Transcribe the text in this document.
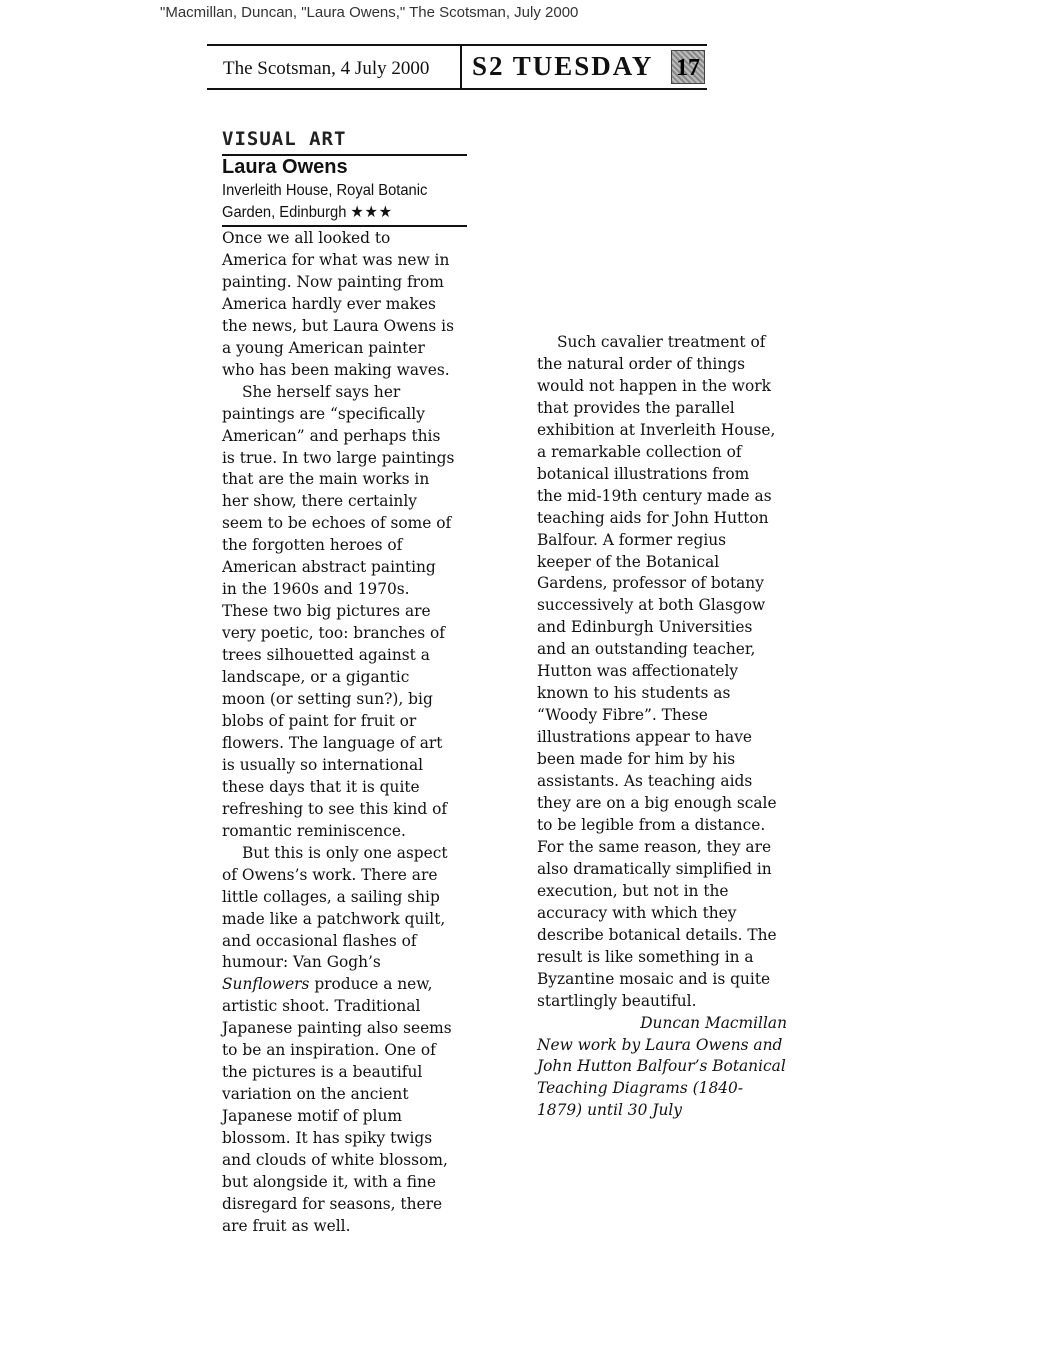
"Macmillan, Duncan, "Laura Owens," The Scotsman, July 2000
The Scotsman, 4 July 2000 S2 TUESDAY 17
VISUAL ART
Laura Owens
Inverleith House, Royal Botanic
Garden, Edinburgh ★★★

Once we all looked to

America for what was new in

painting. Now painting from

America hardly ever makes

the news, but Laura Owens is

a young American painter

who has been making waves.

She herself says her

paintings are “specifically

American” and perhaps this

is true. In two large paintings

that are the main works in

her show, there certainly

seem to be echoes of some of

the forgotten heroes of

American abstract painting

in the 1960s and 1970s.

These two big pictures are

very poetic, too: branches of

trees silhouetted against a

landscape, or a gigantic

moon (or setting sun?), big

blobs of paint for fruit or

flowers. The language of art

is usually so international

these days that it is quite

refreshing to see this kind of

romantic reminiscence.

But this is only one aspect

of Owens’s work. There are

little collages, a sailing ship

made like a patchwork quilt,

and occasional flashes of

humour: Van Gogh’s

Sunflowers produce a new,

artistic shoot. Traditional

Japanese painting also seems

to be an inspiration. One of

the pictures is a beautiful

variation on the ancient

Japanese motif of plum

blossom. It has spiky twigs

and clouds of white blossom,

but alongside it, with a fine

disregard for seasons, there

are fruit as well.

Such cavalier treatment of

the natural order of things

would not happen in the work

that provides the parallel

exhibition at Inverleith House,

a remarkable collection of

botanical illustrations from

the mid-19th century made as

teaching aids for John Hutton

Balfour. A former regius

keeper of the Botanical

Gardens, professor of botany

successively at both Glasgow

and Edinburgh Universities

and an outstanding teacher,

Hutton was affectionately

known to his students as

“Woody Fibre”. These

illustrations appear to have

been made for him by his

assistants. As teaching aids

they are on a big enough scale

to be legible from a distance.

For the same reason, they are

also dramatically simplified in

execution, but not in the

accuracy with which they

describe botanical details. The

result is like something in a

Byzantine mosaic and is quite

startlingly beautiful.

Duncan Macmillan

New work by Laura Owens and

John Hutton Balfour’s Botanical

Teaching Diagrams (1840-

1879) until 30 July
